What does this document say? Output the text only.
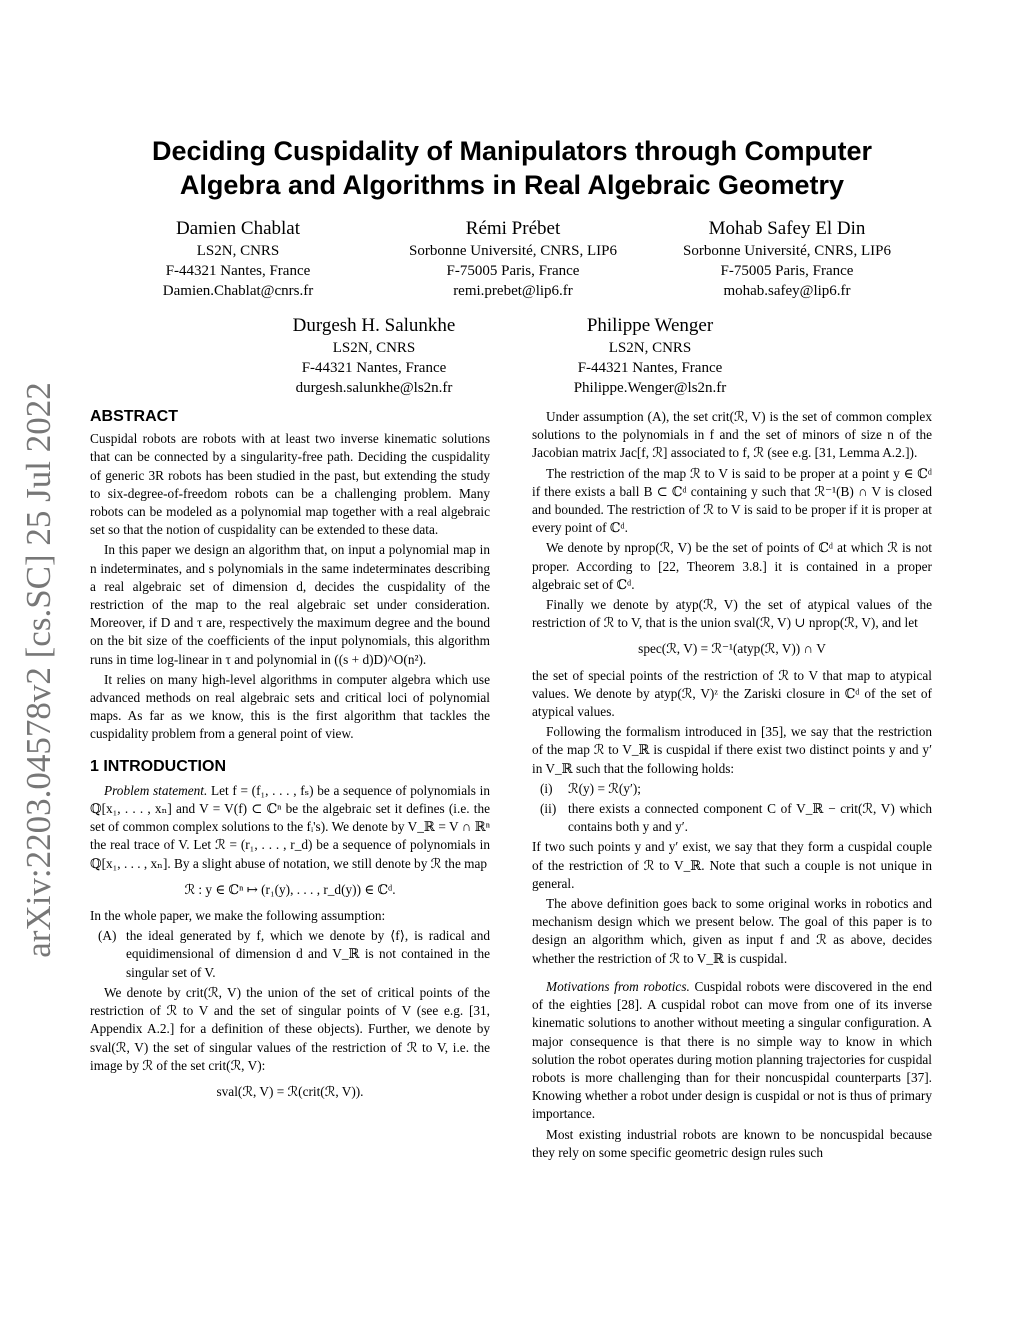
arXiv:2203.04578v2 [cs.SC] 25 Jul 2022
Deciding Cuspidality of Manipulators through Computer
Algebra and Algorithms in Real Algebraic Geometry
Damien Chablat
LS2N, CNRS
F-44321 Nantes, France
Damien.Chablat@cnrs.fr
Rémi Prébet
Sorbonne Université, CNRS, LIP6
F-75005 Paris, France
remi.prebet@lip6.fr
Mohab Safey El Din
Sorbonne Université, CNRS, LIP6
F-75005 Paris, France
mohab.safey@lip6.fr
Durgesh H. Salunkhe
LS2N, CNRS
F-44321 Nantes, France
durgesh.salunkhe@ls2n.fr
Philippe Wenger
LS2N, CNRS
F-44321 Nantes, France
Philippe.Wenger@ls2n.fr
ABSTRACT

Cuspidal robots are robots with at least two inverse kinematic solutions that can be connected by a singularity-free path. Deciding the cuspidality of generic 3R robots has been studied in the past, but extending the study to six-degree-of-freedom robots can be a challenging problem. Many robots can be modeled as a polynomial map together with a real algebraic set so that the notion of cuspidality can be extended to these data.

In this paper we design an algorithm that, on input a polynomial map in n indeterminates, and s polynomials in the same indeterminates describing a real algebraic set of dimension d, decides the cuspidality of the restriction of the map to the real algebraic set under consideration. Moreover, if D and τ are, respectively the maximum degree and the bound on the bit size of the coefficients of the input polynomials, this algorithm runs in time log-linear in τ and polynomial in ((s + d)D)^O(n²).

It relies on many high-level algorithms in computer algebra which use advanced methods on real algebraic sets and critical loci of polynomial maps. As far as we know, this is the first algorithm that tackles the cuspidality problem from a general point of view.

1 INTRODUCTION

Problem statement. Let f = (f₁, . . . , fₛ) be a sequence of polynomials in ℚ[x₁, . . . , xₙ] and V = V(f) ⊂ ℂⁿ be the algebraic set it defines (i.e. the set of common complex solutions to the fᵢ's). We denote by V_ℝ = V ∩ ℝⁿ the real trace of V. Let ℛ = (r₁, . . . , r_d) be a sequence of polynomials in ℚ[x₁, . . . , xₙ]. By a slight abuse of notation, we still denote by ℛ the map

ℛ : y ∈ ℂⁿ ↦ (r₁(y), . . . , r_d(y)) ∈ ℂᵈ.

In the whole paper, we make the following assumption:

(A) the ideal generated by f, which we denote by ⟨f⟩, is radical and equidimensional of dimension d and V_ℝ is not contained in the singular set of V.

We denote by crit(ℛ, V) the union of the set of critical points of the restriction of ℛ to V and the set of singular points of V (see e.g. [31, Appendix A.2.] for a definition of these objects). Further, we denote by sval(ℛ, V) the set of singular values of the restriction of ℛ to V, i.e. the image by ℛ of the set crit(ℛ, V):

sval(ℛ, V) = ℛ(crit(ℛ, V)).

Under assumption (A), the set crit(ℛ, V) is the set of common complex solutions to the polynomials in f and the set of minors of size n of the Jacobian matrix Jac[f, ℛ] associated to f, ℛ (see e.g. [31, Lemma A.2.]).

The restriction of the map ℛ to V is said to be proper at a point y ∈ ℂᵈ if there exists a ball B ⊂ ℂᵈ containing y such that ℛ⁻¹(B) ∩ V is closed and bounded. The restriction of ℛ to V is said to be proper if it is proper at every point of ℂᵈ.

We denote by nprop(ℛ, V) be the set of points of ℂᵈ at which ℛ is not proper. According to [22, Theorem 3.8.] it is contained in a proper algebraic set of ℂᵈ.

Finally we denote by atyp(ℛ, V) the set of atypical values of the restriction of ℛ to V, that is the union sval(ℛ, V) ∪ nprop(ℛ, V), and let

spec(ℛ, V) = ℛ⁻¹(atyp(ℛ, V)) ∩ V

the set of special points of the restriction of ℛ to V that map to atypical values. We denote by atyp(ℛ, V)ᶻ the Zariski closure in ℂᵈ of the set of atypical values.

Following the formalism introduced in [35], we say that the restriction of the map ℛ to V_ℝ is cuspidal if there exist two distinct points y and y′ in V_ℝ such that the following holds:

(i)	ℛ(y) = ℛ(y′);
(ii) there exists a connected component C of V_ℝ − crit(ℛ, V) which contains both y and y′.

If two such points y and y′ exist, we say that they form a cuspidal couple of the restriction of ℛ to V_ℝ. Note that such a couple is not unique in general.

The above definition goes back to some original works in robotics and mechanism design which we present below. The goal of this paper is to design an algorithm which, given as input f and ℛ as above, decides whether the restriction of ℛ to V_ℝ is cuspidal.

Motivations from robotics. Cuspidal robots were discovered in the end of the eighties [28]. A cuspidal robot can move from one of its inverse kinematic solutions to another without meeting a singular configuration. A major consequence is that there is no simple way to know in which solution the robot operates during motion planning trajectories for cuspidal robots is more challenging than for their noncuspidal counterparts [37]. Knowing whether a robot under design is cuspidal or not is thus of primary importance.

Most existing industrial robots are known to be noncuspidal because they rely on some specific geometric design rules such
